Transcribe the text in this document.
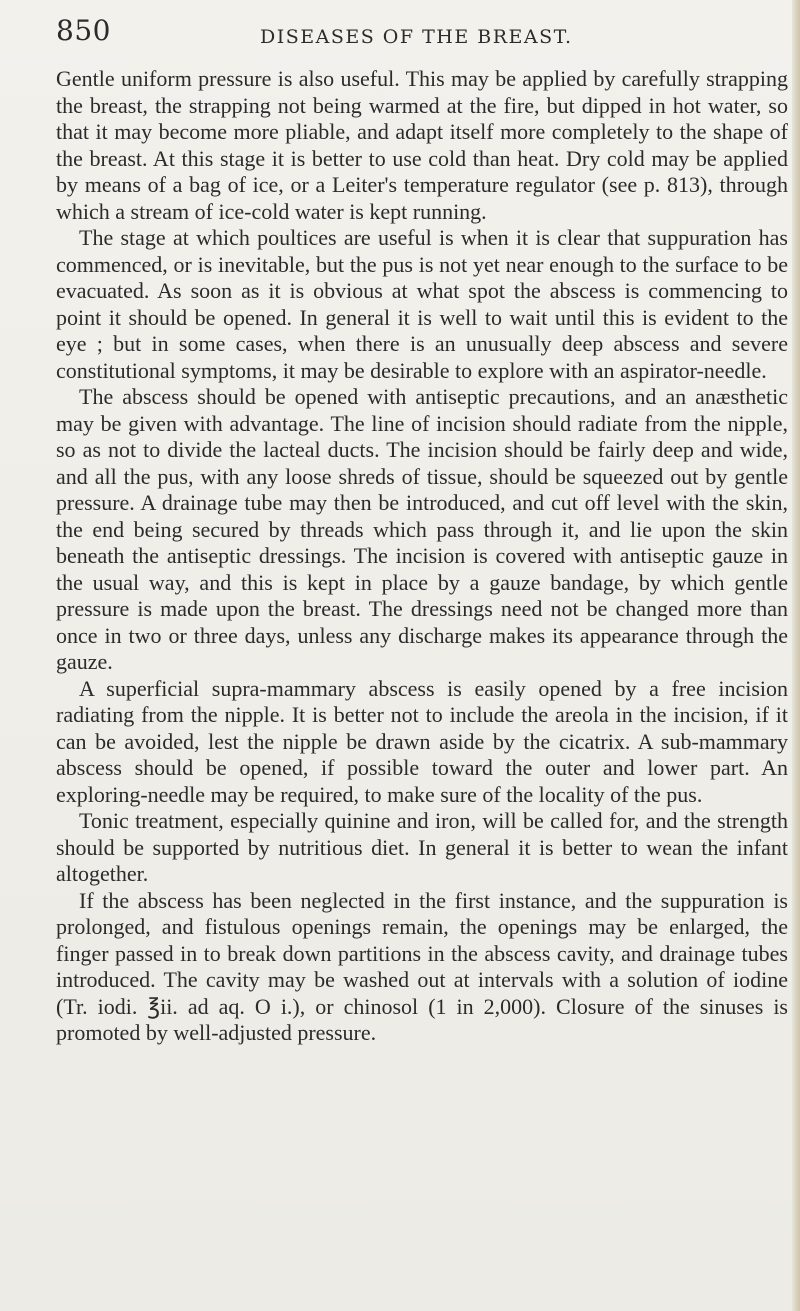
850	DISEASES OF THE BREAST.

Gentle uniform pressure is also useful. This may be applied by carefully strapping the breast, the strapping not being warmed at the fire, but dipped in hot water, so that it may become more pliable, and adapt itself more completely to the shape of the breast. At this stage it is better to use cold than heat. Dry cold may be applied by means of a bag of ice, or a Leiter's temperature regulator (see p. 813), through which a stream of ice-cold water is kept running.

The stage at which poultices are useful is when it is clear that suppuration has commenced, or is inevitable, but the pus is not yet near enough to the surface to be evacuated. As soon as it is obvious at what spot the abscess is commencing to point it should be opened. In general it is well to wait until this is evident to the eye ; but in some cases, when there is an unusually deep abscess and severe constitutional symptoms, it may be desirable to explore with an aspirator-needle.

The abscess should be opened with antiseptic precautions, and an anæsthetic may be given with advantage. The line of incision should radiate from the nipple, so as not to divide the lacteal ducts. The incision should be fairly deep and wide, and all the pus, with any loose shreds of tissue, should be squeezed out by gentle pressure. A drainage tube may then be introduced, and cut off level with the skin, the end being secured by threads which pass through it, and lie upon the skin beneath the antiseptic dressings. The incision is covered with antiseptic gauze in the usual way, and this is kept in place by a gauze bandage, by which gentle pressure is made upon the breast. The dressings need not be changed more than once in two or three days, unless any discharge makes its appearance through the gauze.

A superficial supra-mammary abscess is easily opened by a free incision radiating from the nipple. It is better not to include the areola in the incision, if it can be avoided, lest the nipple be drawn aside by the cicatrix. A sub-mammary abscess should be opened, if possible toward the outer and lower part. An exploring-needle may be required, to make sure of the locality of the pus.

Tonic treatment, especially quinine and iron, will be called for, and the strength should be supported by nutritious diet. In general it is better to wean the infant altogether.

If the abscess has been neglected in the first instance, and the suppuration is prolonged, and fistulous openings remain, the openings may be enlarged, the finger passed in to break down partitions in the abscess cavity, and drainage tubes introduced. The cavity may be washed out at intervals with a solution of iodine (Tr. iodi. ℥ii. ad aq. O i.), or chinosol (1 in 2,000). Closure of the sinuses is promoted by well-adjusted pressure.
